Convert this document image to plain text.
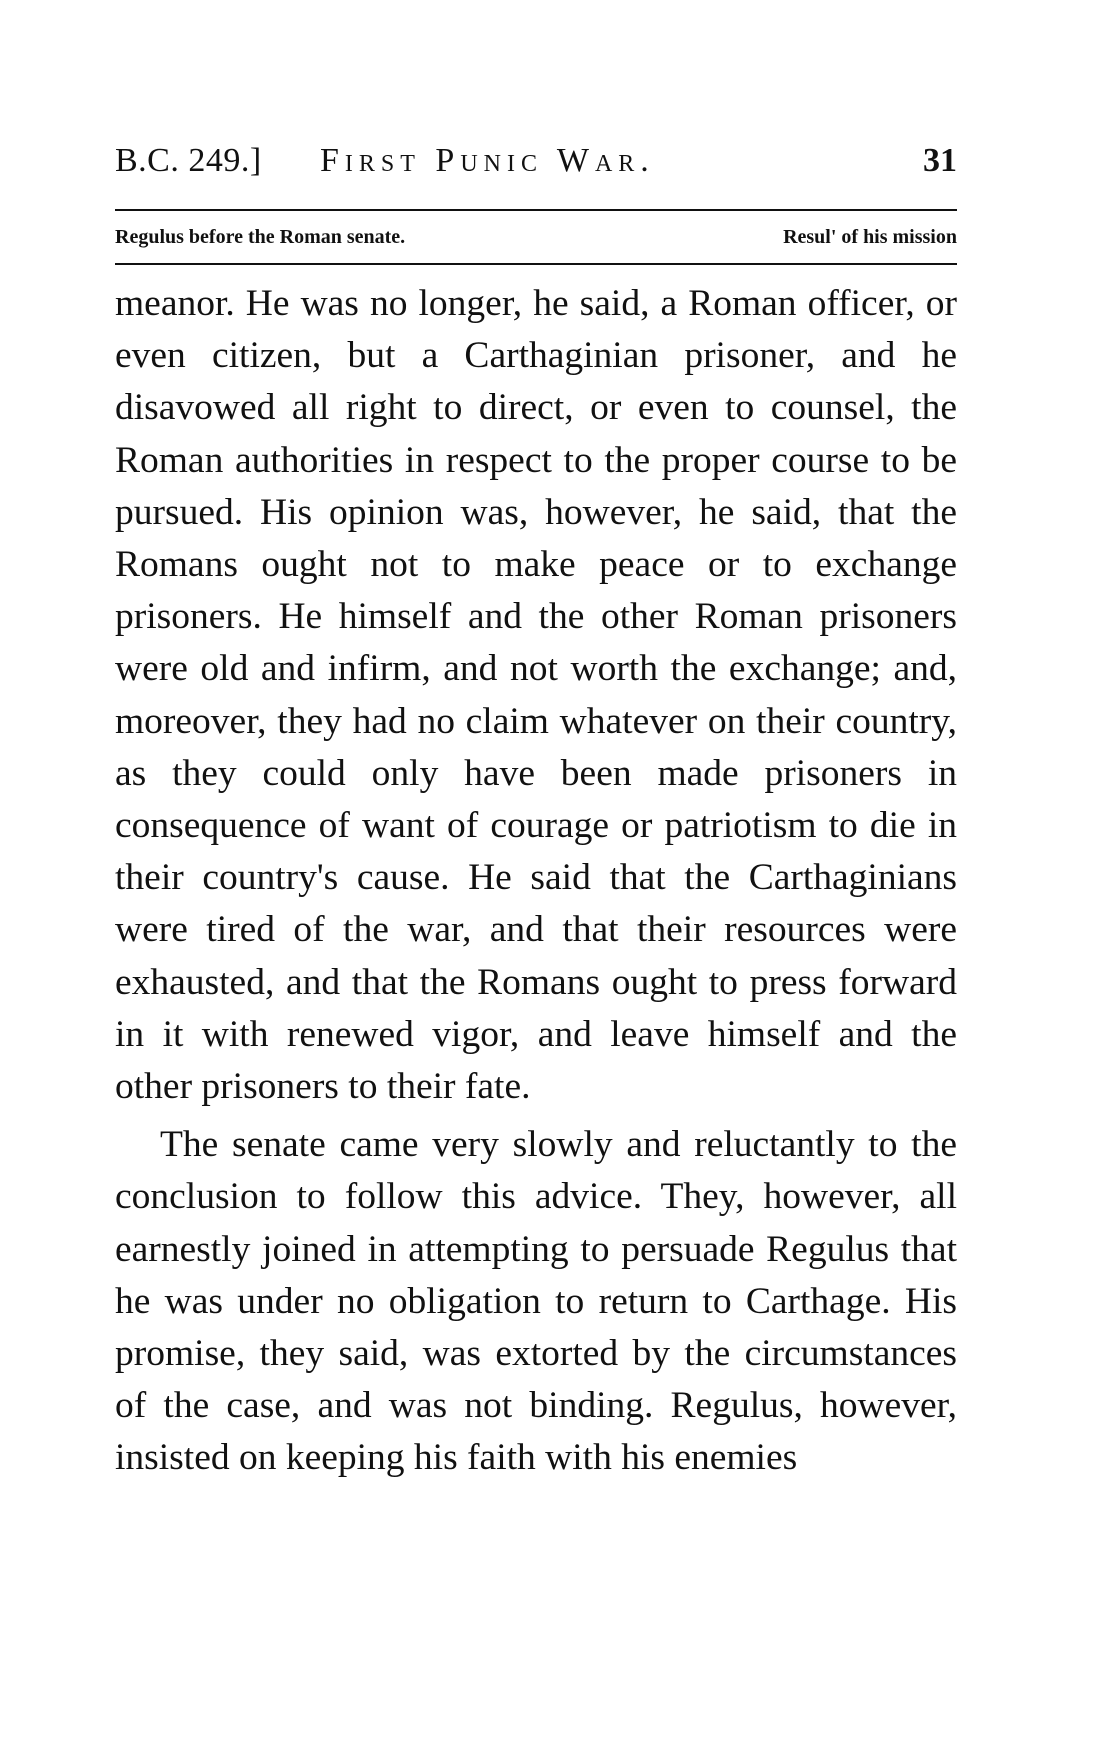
B.C. 249.] First Punic War.	31
Regulus before the Roman senate.	Resul' of his mission

meanor. He was no longer, he said, a Roman officer, or even citizen, but a Carthaginian prisoner, and he disavowed all right to direct, or even to counsel, the Roman authorities in respect to the proper course to be pursued. His opinion was, however, he said, that the Romans ought not to make peace or to exchange prisoners. He himself and the other Roman prisoners were old and infirm, and not worth the exchange; and, moreover, they had no claim whatever on their country, as they could only have been made prisoners in consequence of want of courage or patriotism to die in their country's cause. He said that the Carthaginians were tired of the war, and that their resources were exhausted, and that the Romans ought to press forward in it with renewed vigor, and leave himself and the other prisoners to their fate.

The senate came very slowly and reluctantly to the conclusion to follow this advice. They, however, all earnestly joined in attempting to persuade Regulus that he was under no obligation to return to Carthage. His promise, they said, was extorted by the circumstances of the case, and was not binding. Regulus, however, insisted on keeping his faith with his enemies
